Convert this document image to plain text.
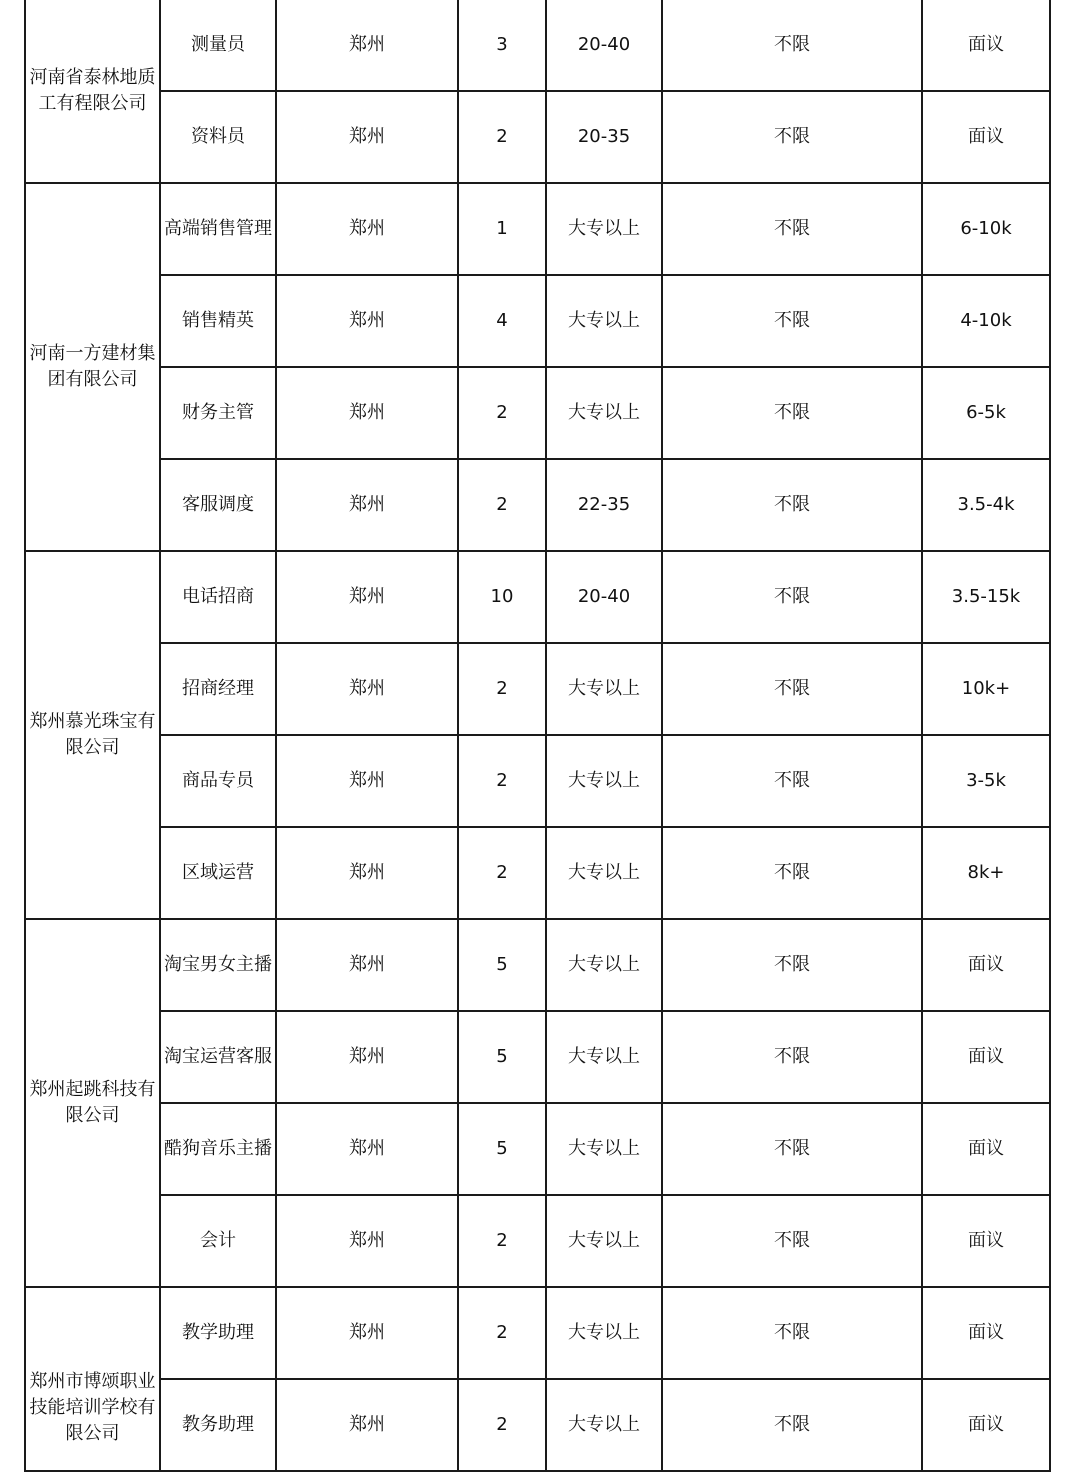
河南省泰林地质
工有程限公司	测量员	郑州	3	20-40	不限	面议
	资料员	郑州	2	20-35	不限	面议

河南一方建材集
团有限公司	高端销售管理	郑州	1	大专以上	不限	6-10k
	销售精英	郑州	4	大专以上	不限	4-10k
	财务主管	郑州	2	大专以上	不限	6-5k
	客服调度	郑州	2	22-35	不限	3.5-4k

郑州慕光珠宝有
限公司	电话招商	郑州	10	20-40	不限	3.5-15k
	招商经理	郑州	2	大专以上	不限	10k+
	商品专员	郑州	2	大专以上	不限	3-5k
	区域运营	郑州	2	大专以上	不限	8k+

郑州起跳科技有
限公司	淘宝男女主播	郑州	5	大专以上	不限	面议
	淘宝运营客服	郑州	5	大专以上	不限	面议
	酷狗音乐主播	郑州	5	大专以上	不限	面议
	会计	郑州	2	大专以上	不限	面议

郑州市博颂职业
技能培训学校有
限公司	教学助理	郑州	2	大专以上	不限	面议
	教务助理	郑州	2	大专以上	不限	面议
